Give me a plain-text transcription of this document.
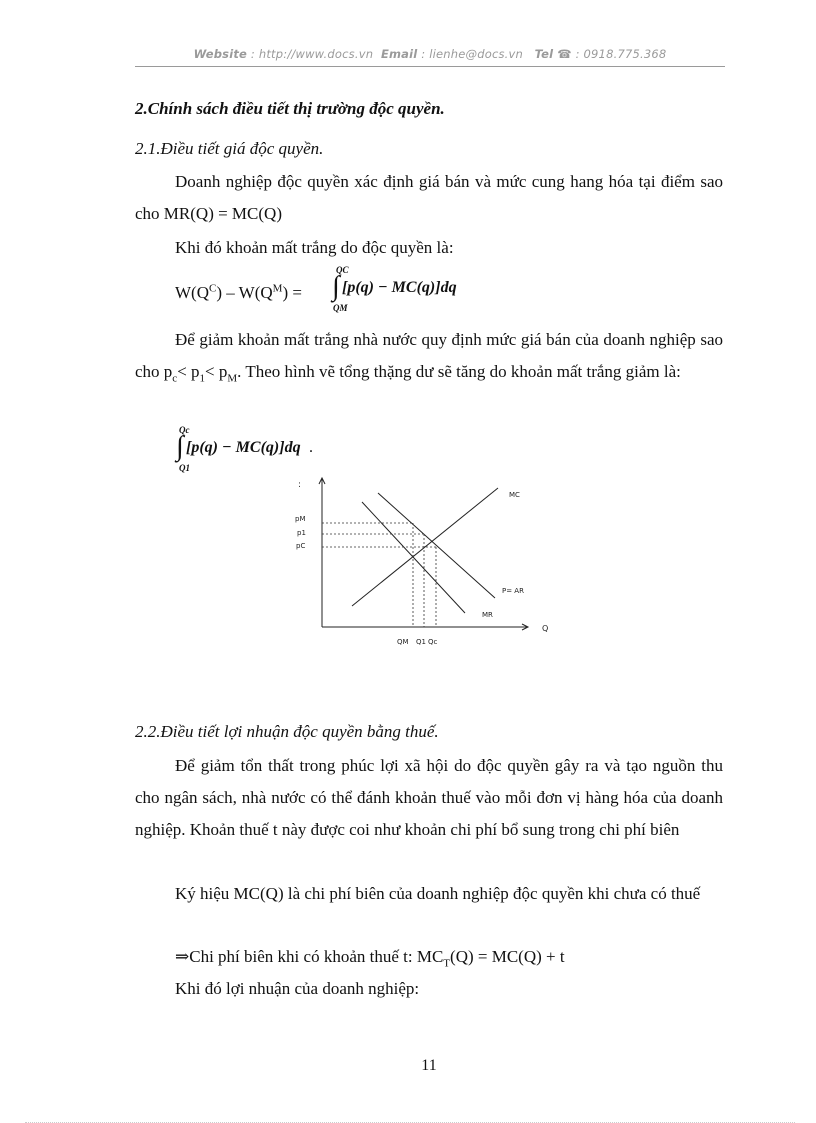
Website : http://www.docs.vn Email : lienhe@docs.vn Tel ☎ : 0918.775.368
2.Chính sách điều tiết thị trường độc quyền.
2.1.Điều tiết giá độc quyền.
Doanh nghiệp độc quyền xác định giá bán và mức cung hang hóa tại điểm sao cho MR(Q) = MC(Q)
Khi đó khoản mất trắng do độc quyền là:
$W(Q^C) - W(Q^M)$ =
QC
∫
QM
[p(q) − MC(q)]dq
Để giảm khoản mất trắng nhà nước quy định mức giá bán của doanh nghiệp sao cho $p_c< p_1< p_M$. Theo hình vẽ tổng thặng dư sẽ tăng do khoản mất trắng giảm là:
Qc
∫
Q1
[p(q) − MC(q)]dq .
:
Q
pM
p1
pC
QM Q1 Qc
MC
P= AR
MR
2.2.Điều tiết lợi nhuận độc quyền bằng thuế.
Để giảm tổn thất trong phúc lợi xã hội do độc quyền gây ra và tạo nguồn thu cho ngân sách, nhà nước có thể đánh khoản thuế vào mỗi đơn vị hàng hóa của doanh nghiệp. Khoản thuế t này được coi như khoản chi phí bổ sung trong chi phí biên
Ký hiệu MC(Q) là chi phí biên của doanh nghiệp độc quyền khi chưa có thuế
⇒Chi phí biên khi có khoản thuế t: $MC_T(Q) = MC(Q) + t$
Khi đó lợi nhuận của doanh nghiệp:
11
